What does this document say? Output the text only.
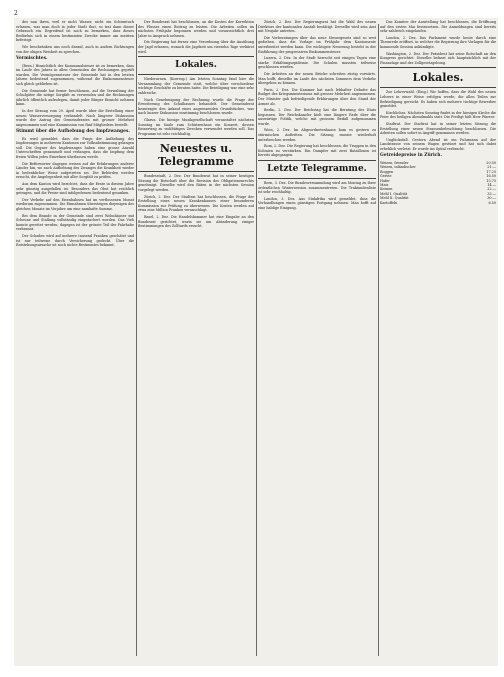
2

des nun ihren, weil er nicht Wasser, nicht ein Schirmtuch erlassen, was man doch in jeder Stadt thut, so trat dann dieser Gebrauch ein. Ergreifend ist noch zu bemerken, dass dieses Bedürfnis sich in einem bestimmten Zwecke immer am meisten befestigt.

Wir beschränken uns noch darauf, auch in andern Richtungen von der obigen Weisheit zu sprechen.

Vermischtes.

(Bern.) Hinsichtlich der Kommunalsteuer ist zu bemerken, dass im Laufe des Jahres in allen Gemeinden die Rechnungen geprüft wurden. Die Vermögenssteuer der Gemeinde hat in den letzten Jahren bedeutend zugenommen, während die Einkommensteuer sich gleich geblieben ist.

Die Gemeinde hat ferner beschlossen, auf die Verwaltung der Schulgüter die nötige Sorgfalt zu verwenden und die Rechnungen jährlich öffentlich aufzulegen, damit jeder Bürger Einsicht nehmen kann.

In der Sitzung vom 29. April wurde über die Erstellung einer neuen Wasserversorgung verhandelt. Nach längerer Diskussion wurde der Antrag des Gemeinderates mit grosser Mehrheit angenommen und eine Kommission von fünf Mitgliedern bestellt.

Stimmt über die Aufhebung des Impfzwanges.

Es wird gemeldet, dass die Frage der Aufhebung des Impfzwanges in mehreren Kantonen zur Volksabstimmung gelangen soll. Die Gegner des Impfzwanges haben eine grosse Anzahl Unterschriften gesammelt und verlangen, dass die Impfung dem freien Willen jedes Einzelnen überlassen werde.

Die Befürworter dagegen weisen auf die Erfahrungen anderer Länder hin, wo nach Aufhebung des Zwanges die Krankheit wieder in bedenklicher Weise aufgetreten sei. Die Behörden werden ersucht, die Angelegenheit mit aller Sorgfalt zu prüfen.

Aus dem Kanton wird berichtet, dass die Ernte in diesem Jahre sehr günstig ausgefallen ist. Besonders das Obst hat reichlich getragen, und die Preise sind infolgedessen bedeutend gesunken.

Der Verkehr auf den Eisenbahnen hat im verflossenen Monat wiederum zugenommen. Die Einnahmen übersteigen diejenigen des gleichen Monats im Vorjahre um eine namhafte Summe.

Bei dem Brande in der Gemeinde sind zwei Wohnhäuser mit Scheune und Stallung vollständig eingeäschert worden. Das Vieh konnte gerettet werden, dagegen ist der grösste Teil der Fahrhabe verbrannt.

Der Schaden wird auf mehrere tausend Franken geschätzt und ist nur teilweise durch Versicherung gedeckt. Über die Entstehungsursache ist noch nichts Bestimmtes bekannt.

Der Bundesrat hat beschlossen, an die Kosten der Korrektion des Flusses einen Beitrag zu leisten. Die Arbeiten sollen im nächsten Frühjahr begonnen werden und voraussichtlich drei Jahre in Anspruch nehmen.

Die Regierung hat ferner eine Verordnung über die Ausübung der Jagd erlassen, wonach die Jagdzeit um vierzehn Tage verkürzt wird.

Lokales.

Niederurnen. (Korresp.) Am letzten Sonntag fand hier die Versammlung der Gemeinde statt, welche über verschiedene wichtige Geschäfte zu beraten hatte. Die Beteiligung war eine sehr zahlreiche.

Nach Genehmigung der Rechnung wurde die Frage der Erweiterung des Schulhauses behandelt. Der Gemeinderat beantragte den Ankauf eines angrenzenden Grundstückes, was nach kurzer Diskussion einstimmig beschlossen wurde.

Glarus. Die hiesige Musikgesellschaft veranstaltet nächsten Sonntag im Saale zum Schützenhaus ein Konzert, dessen Reinertrag zu wohltätigen Zwecken verwendet werden soll. Das Programm ist sehr reichhaltig.

Neuestes u. Telegramme

Bundesstadt, 2. Dez. Der Bundesrat hat in seiner heutigen Sitzung die Botschaft über die Revision des Obligationenrechts genehmigt. Dieselbe wird den Räten in der nächsten Session vorgelegt werden.

Zürich, 2. Dez. Der Stadtrat hat beschlossen, die Frage der Erstellung eines neuen Krankenhauses einer besonderen Kommission zur Prüfung zu überweisen. Die Kosten werden auf etwa eine Million Franken veranschlagt.

Basel, 2. Dez. Die Handelskammer hat eine Eingabe an den Bundesrat gerichtet, worin sie um Abänderung einiger Bestimmungen des Zolltarifs ersucht.

Zürich, 2. Dez. Der Regierungsrat hat die Wahl des neuen Direktors der kantonalen Anstalt bestätigt. Derselbe wird sein Amt mit Neujahr antreten.

Die Vorberatungen über das neue Steuergesetz sind so weit gediehen, dass die Vorlage im Frühjahr dem Kantonsrate unterbreitet werden kann. Die wichtigste Neuerung besteht in der Einführung der progressiven Einkommensteuer.

Luzern, 2. Dez. In der Stadt herrscht seit einigen Tagen eine starke Erkältungsepidemie. Die Schulen mussten teilweise geschlossen werden.

Die Arbeiten an der neuen Brücke schreiten rüstig vorwärts. Man hofft, dieselbe im Laufe des nächsten Sommers dem Verkehr übergeben zu können.

Paris, 2. Dez. Die Kammer hat nach lebhafter Debatte das Budget des Kriegsministeriums mit grosser Mehrheit angenommen. Der Minister gab befriedigende Erklärungen über den Stand der Armee ab.

Berlin, 2. Dez. Der Reichstag hat die Beratung des Etats begonnen. Der Reichskanzler hielt eine längere Rede über die auswärtige Politik, welche mit grossem Beifall aufgenommen wurde.

Wien, 2. Dez. Im Abgeordnetenhause kam es gestern zu stürmischen Auftritten. Die Sitzung musste wiederholt unterbrochen werden.

Rom, 2. Dez. Die Regierung hat beschlossen, die Truppen in den Kolonien zu verstärken. Ein Dampfer mit zwei Bataillonen ist bereits abgegangen.

Letzte Telegramme.

Bern, 3. Dez. Die Bundesversammlung wird am Montag zu ihrer ordentlichen Wintersession zusammentreten. Die Traktandenliste ist sehr reichhaltig.

London, 3. Dez. Aus Südafrika wird gemeldet, dass die Verhandlungen einen günstigen Fortgang nehmen. Man hofft auf eine baldige Einigung.

Das Komitee der Ausstellung hat beschlossen, die Eröffnung auf den ersten Mai festzusetzen. Die Anmeldungen sind bereits sehr zahlreich eingelaufen.

London, 2. Dez. Das Parlament wurde heute durch eine Thronrede eröffnet, in welcher die Regierung ihre Vorlagen für die kommende Session ankündigte.

Washington, 2. Dez. Der Präsident hat seine Botschaft an den Kongress gerichtet. Dieselbe befasst sich hauptsächlich mit der Finanzlage und der Zollgesetzgebung.

Lokales.

Zur Lehrerwahl. (Eing.) Wir hoffen, dass die Wahl des neuen Lehrers in einer Weise erfolgen werde, die allen Teilen zur Befriedigung gereicht. Es haben sich mehrere tüchtige Bewerber gemeldet.

Kirchliches. Nächsten Sonntag findet in der hiesigen Kirche die Feier des heiligen Abendmahls statt. Die Predigt hält Herr Pfarrer.

Stadtrat. Der Stadtrat hat in seiner letzten Sitzung die Erstellung einer neuen Strassenbeleuchtung beschlossen. Die Arbeiten sollen sofort in Angriff genommen werden.

Unglücksfall. Gestern Abend ist ein Fuhrmann auf der Landstrasse von seinem Wagen gestürzt und hat sich dabei erheblich verletzt. Er wurde ins Spital verbracht.

Getreidepreise in Zürich.

Weizen, fremder	20.50
Weizen, inländischer	21.—
Roggen	17.25
Gerste	16.50
Hafer	15.75
Mais	14.—
Kernen	22.—
Mehl I. Qualität	33.—
Mehl II. Qualität	30.—
Kartoffeln	6.50
